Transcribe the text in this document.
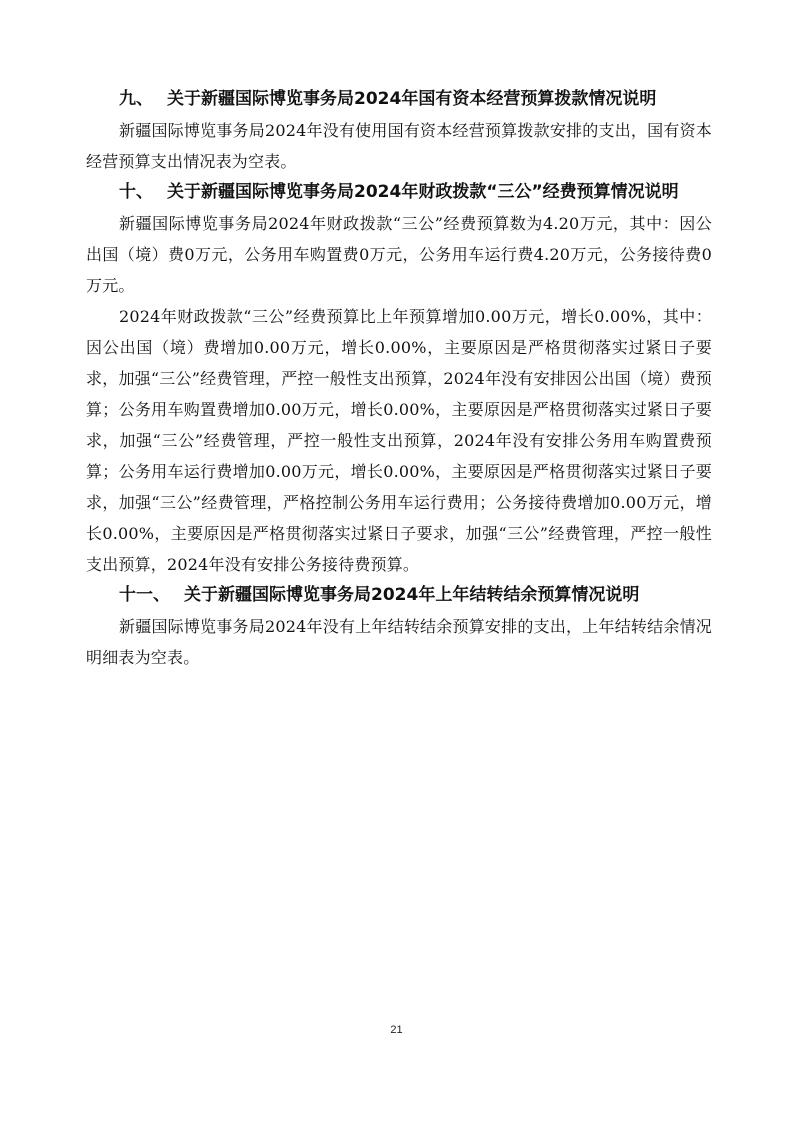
九、 关于新疆国际博览事务局2024年国有资本经营预算拨款情况说明

新疆国际博览事务局2024年没有使用国有资本经营预算拨款安排的支出，国有资本经营预算支出情况表为空表。

十、 关于新疆国际博览事务局2024年财政拨款“三公”经费预算情况说明

新疆国际博览事务局2024年财政拨款“三公”经费预算数为4.20万元，其中：因公出国（境）费0万元，公务用车购置费0万元，公务用车运行费4.20万元，公务接待费0万元。

2024年财政拨款“三公”经费预算比上年预算增加0.00万元，增长0.00%，其中：因公出国（境）费增加0.00万元，增长0.00%，主要原因是严格贯彻落实过紧日子要求，加强“三公”经费管理，严控一般性支出预算，2024年没有安排因公出国（境）费预算；公务用车购置费增加0.00万元，增长0.00%，主要原因是严格贯彻落实过紧日子要求，加强“三公”经费管理，严控一般性支出预算，2024年没有安排公务用车购置费预算；公务用车运行费增加0.00万元，增长0.00%，主要原因是严格贯彻落实过紧日子要求，加强“三公”经费管理，严格控制公务用车运行费用；公务接待费增加0.00万元，增长0.00%，主要原因是严格贯彻落实过紧日子要求，加强“三公”经费管理，严控一般性支出预算，2024年没有安排公务接待费预算。

十一、 关于新疆国际博览事务局2024年上年结转结余预算情况说明

新疆国际博览事务局2024年没有上年结转结余预算安排的支出，上年结转结余情况明细表为空表。

21
